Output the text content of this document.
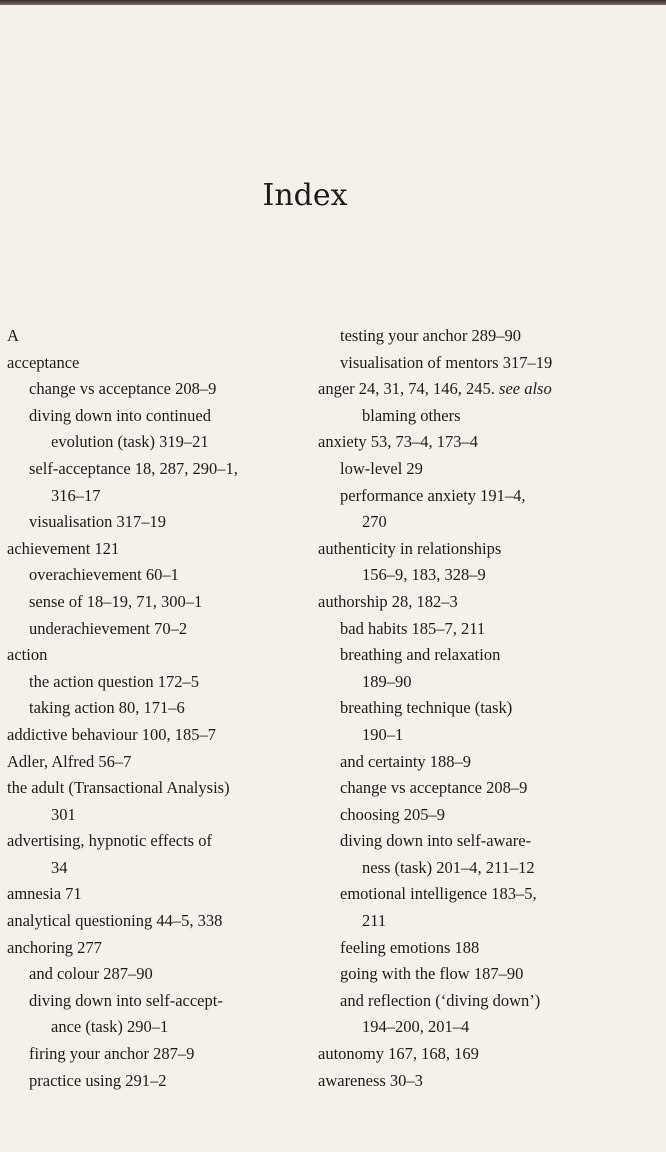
Index
A
acceptance
change vs acceptance 208–9
diving down into continued
evolution (task) 319–21
self-acceptance 18, 287, 290–1,
316–17
visualisation 317–19
achievement 121
overachievement 60–1
sense of 18–19, 71, 300–1
underachievement 70–2
action
the action question 172–5
taking action 80, 171–6
addictive behaviour 100, 185–7
Adler, Alfred 56–7
the adult (Transactional Analysis)
301
advertising, hypnotic effects of
34
amnesia 71
analytical questioning 44–5, 338
anchoring 277
and colour 287–90
diving down into self-accept-
ance (task) 290–1
firing your anchor 287–9
practice using 291–2
testing your anchor 289–90
visualisation of mentors 317–19
anger 24, 31, 74, 146, 245. see also
blaming others
anxiety 53, 73–4, 173–4
low-level 29
performance anxiety 191–4,
270
authenticity in relationships
156–9, 183, 328–9
authorship 28, 182–3
bad habits 185–7, 211
breathing and relaxation
189–90
breathing technique (task)
190–1
and certainty 188–9
change vs acceptance 208–9
choosing 205–9
diving down into self-aware-
ness (task) 201–4, 211–12
emotional intelligence 183–5,
211
feeling emotions 188
going with the flow 187–90
and reflection (‘diving down’)
194–200, 201–4
autonomy 167, 168, 169
awareness 30–3
